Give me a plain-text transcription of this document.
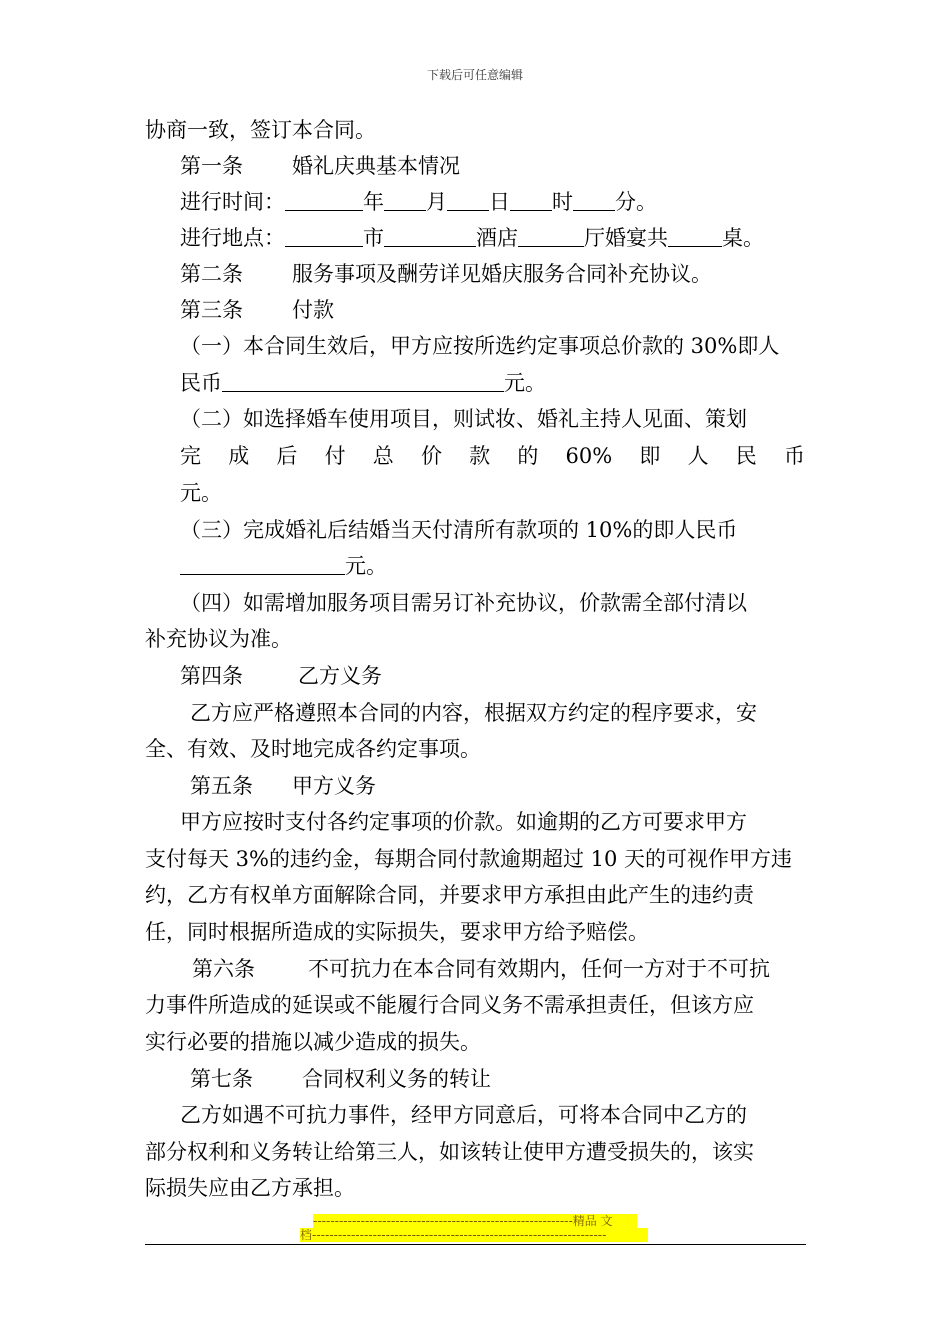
下载后可任意编辑
协商一致，签订本合同。
第一条 婚礼庆典基本情况
进行时间：	年 月 日 时 分。
进行地点：	市	酒店	厅婚宴共	桌。
第二条 服务事项及酬劳详见婚庆服务合同补充协议。
第三条 付款
（一）本合同生效后，甲方应按所选约定事项总价款的 30%即人
民币	元。
（二）如选择婚车使用项目，则试妆、婚礼主持人见面、策划
完 成 后 付 总 价 款 的 60% 即 人 民 币
元。
（三）完成婚礼后结婚当天付清所有款项的 10%的即人民币
元。
（四）如需增加服务项目需另订补充协议，价款需全部付清以
补充协议为准。
第四条	乙方义务
乙方应严格遵照本合同的内容，根据双方约定的程序要求，安
全、有效、及时地完成各约定事项。
第五条 甲方义务
甲方应按时支付各约定事项的价款。如逾期的乙方可要求甲方
支付每天 3%的违约金，每期合同付款逾期超过 10 天的可视作甲方违
约，乙方有权单方面解除合同，并要求甲方承担由此产生的违约责
任，同时根据所造成的实际损失，要求甲方给予赔偿。
第六条	不可抗力在本合同有效期内，任何一方对于不可抗
力事件所造成的延误或不能履行合同义务不需承担责任，但该方应
实行必要的措施以减少造成的损失。
第七条 合同权利义务的转让
乙方如遇不可抗力事件，经甲方同意后，可将本合同中乙方的
部分权利和义务转让给第三人，如该转让使甲方遭受损失的，该实
际损失应由乙方承担。
------------------------------------------------------------精品 文
档--------------------------------------------------------------------
